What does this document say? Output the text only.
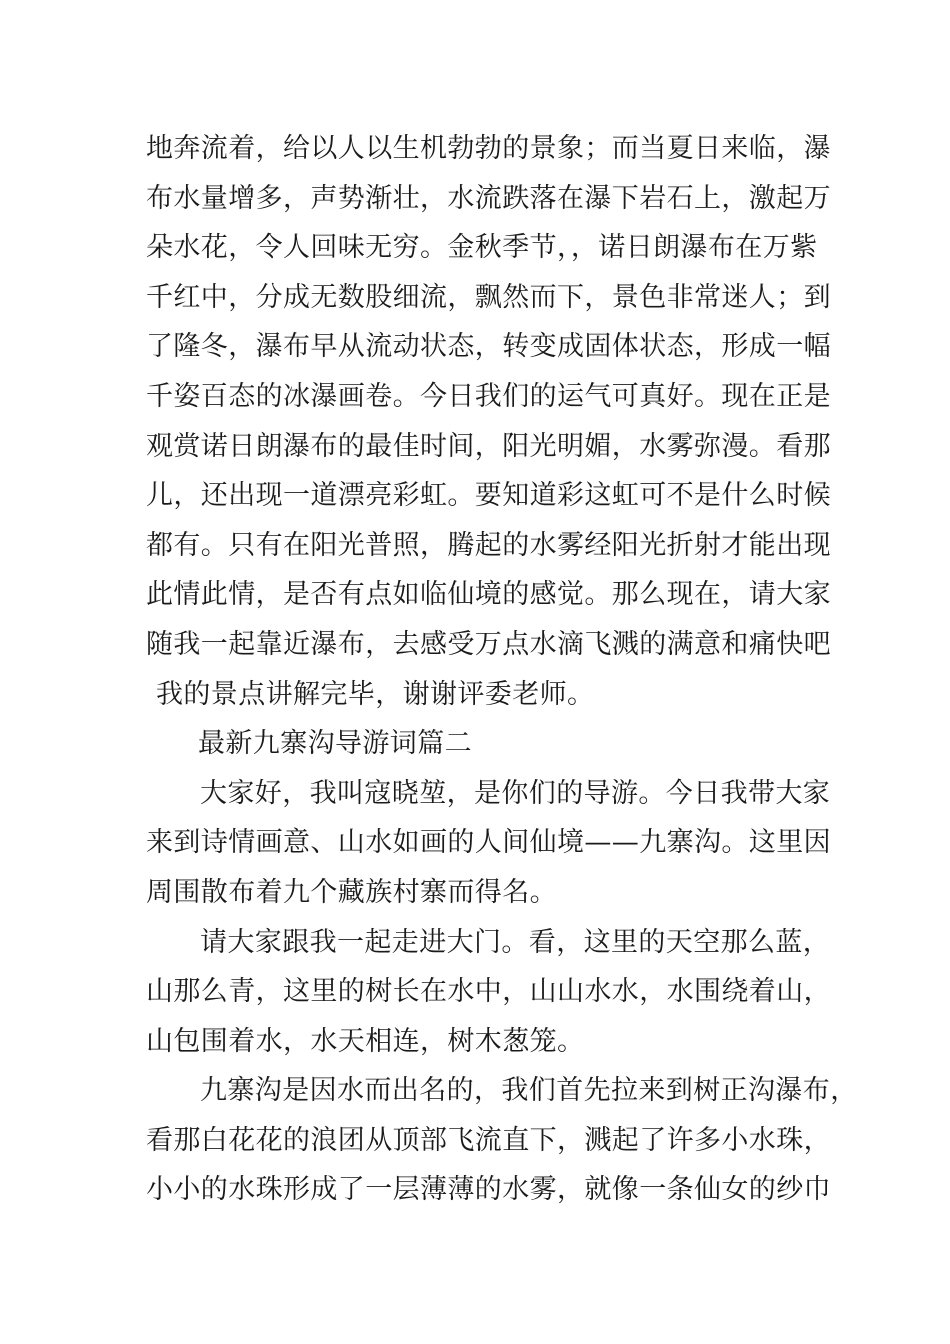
地奔流着，给以人以生机勃勃的景象；而当夏日来临，瀑
布水量增多，声势渐壮，水流跌落在瀑下岩石上，激起万
朵水花，令人回味无穷。金秋季节，，诺日朗瀑布在万紫
千红中，分成无数股细流，飘然而下，景色非常迷人；到
了隆冬，瀑布早从流动状态，转变成固体状态，形成一幅
千姿百态的冰瀑画卷。今日我们的运气可真好。现在正是
观赏诺日朗瀑布的最佳时间，阳光明媚，水雾弥漫。看那
儿，还出现一道漂亮彩虹。要知道彩这虹可不是什么时候
都有。只有在阳光普照，腾起的水雾经阳光折射才能出现
此情此情，是否有点如临仙境的感觉。那么现在，请大家
随我一起靠近瀑布，去感受万点水滴飞溅的满意和痛快吧
我的景点讲解完毕，谢谢评委老师。
最新九寨沟导游词篇二
大家好，我叫寇晓堃，是你们的导游。今日我带大家
来到诗情画意、山水如画的人间仙境——九寨沟。这里因
周围散布着九个藏族村寨而得名。
请大家跟我一起走进大门。看，这里的天空那么蓝，
山那么青，这里的树长在水中，山山水水，水围绕着山，
山包围着水，水天相连，树木葱笼。
九寨沟是因水而出名的，我们首先拉来到树正沟瀑布，
看那白花花的浪团从顶部飞流直下，溅起了许多小水珠，
小小的水珠形成了一层薄薄的水雾，就像一条仙女的纱巾
